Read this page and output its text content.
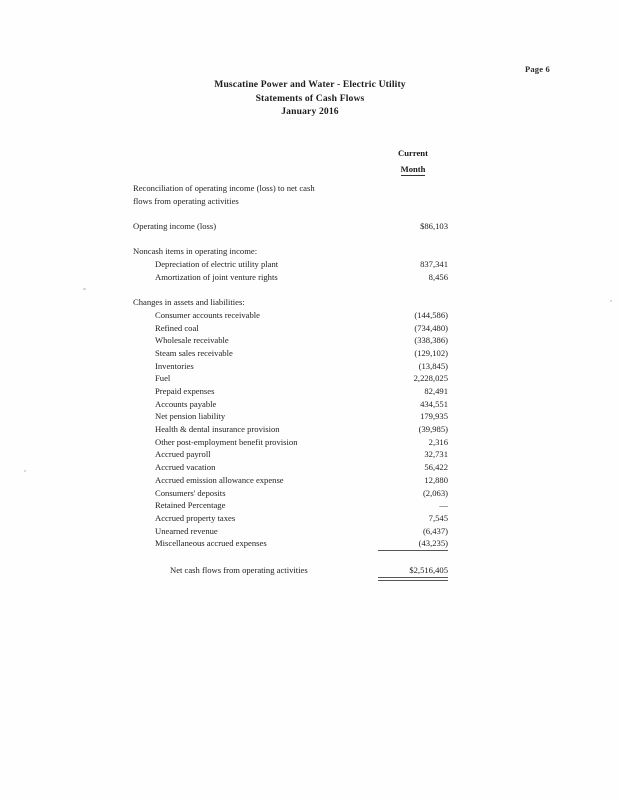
Page 6
Muscatine Power and Water - Electric Utility
Statements of Cash Flows
January 2016
Current
Month
Reconciliation of operating income (loss) to net cash
flows from operating activities
Operating income (loss)	$86,103
Noncash items in operating income:
Depreciation of electric utility plant	837,341
Amortization of joint venture rights	8,456
Changes in assets and liabilities:
Consumer accounts receivable	(144,586)
Refined coal	(734,480)
Wholesale receivable	(338,386)
Steam sales receivable	(129,102)
Inventories	(13,845)
Fuel	2,228,025
Prepaid expenses	82,491
Accounts payable	434,551
Net pension liability	179,935
Health & dental insurance provision	(39,985)
Other post-employment benefit provision	2,316
Accrued payroll	32,731
Accrued vacation	56,422
Accrued emission allowance expense	12,880
Consumers' deposits	(2,063)
Retained Percentage	—
Accrued property taxes	7,545
Unearned revenue	(6,437)
Miscellaneous accrued expenses	(43,235)
Net cash flows from operating activities	$2,516,405
